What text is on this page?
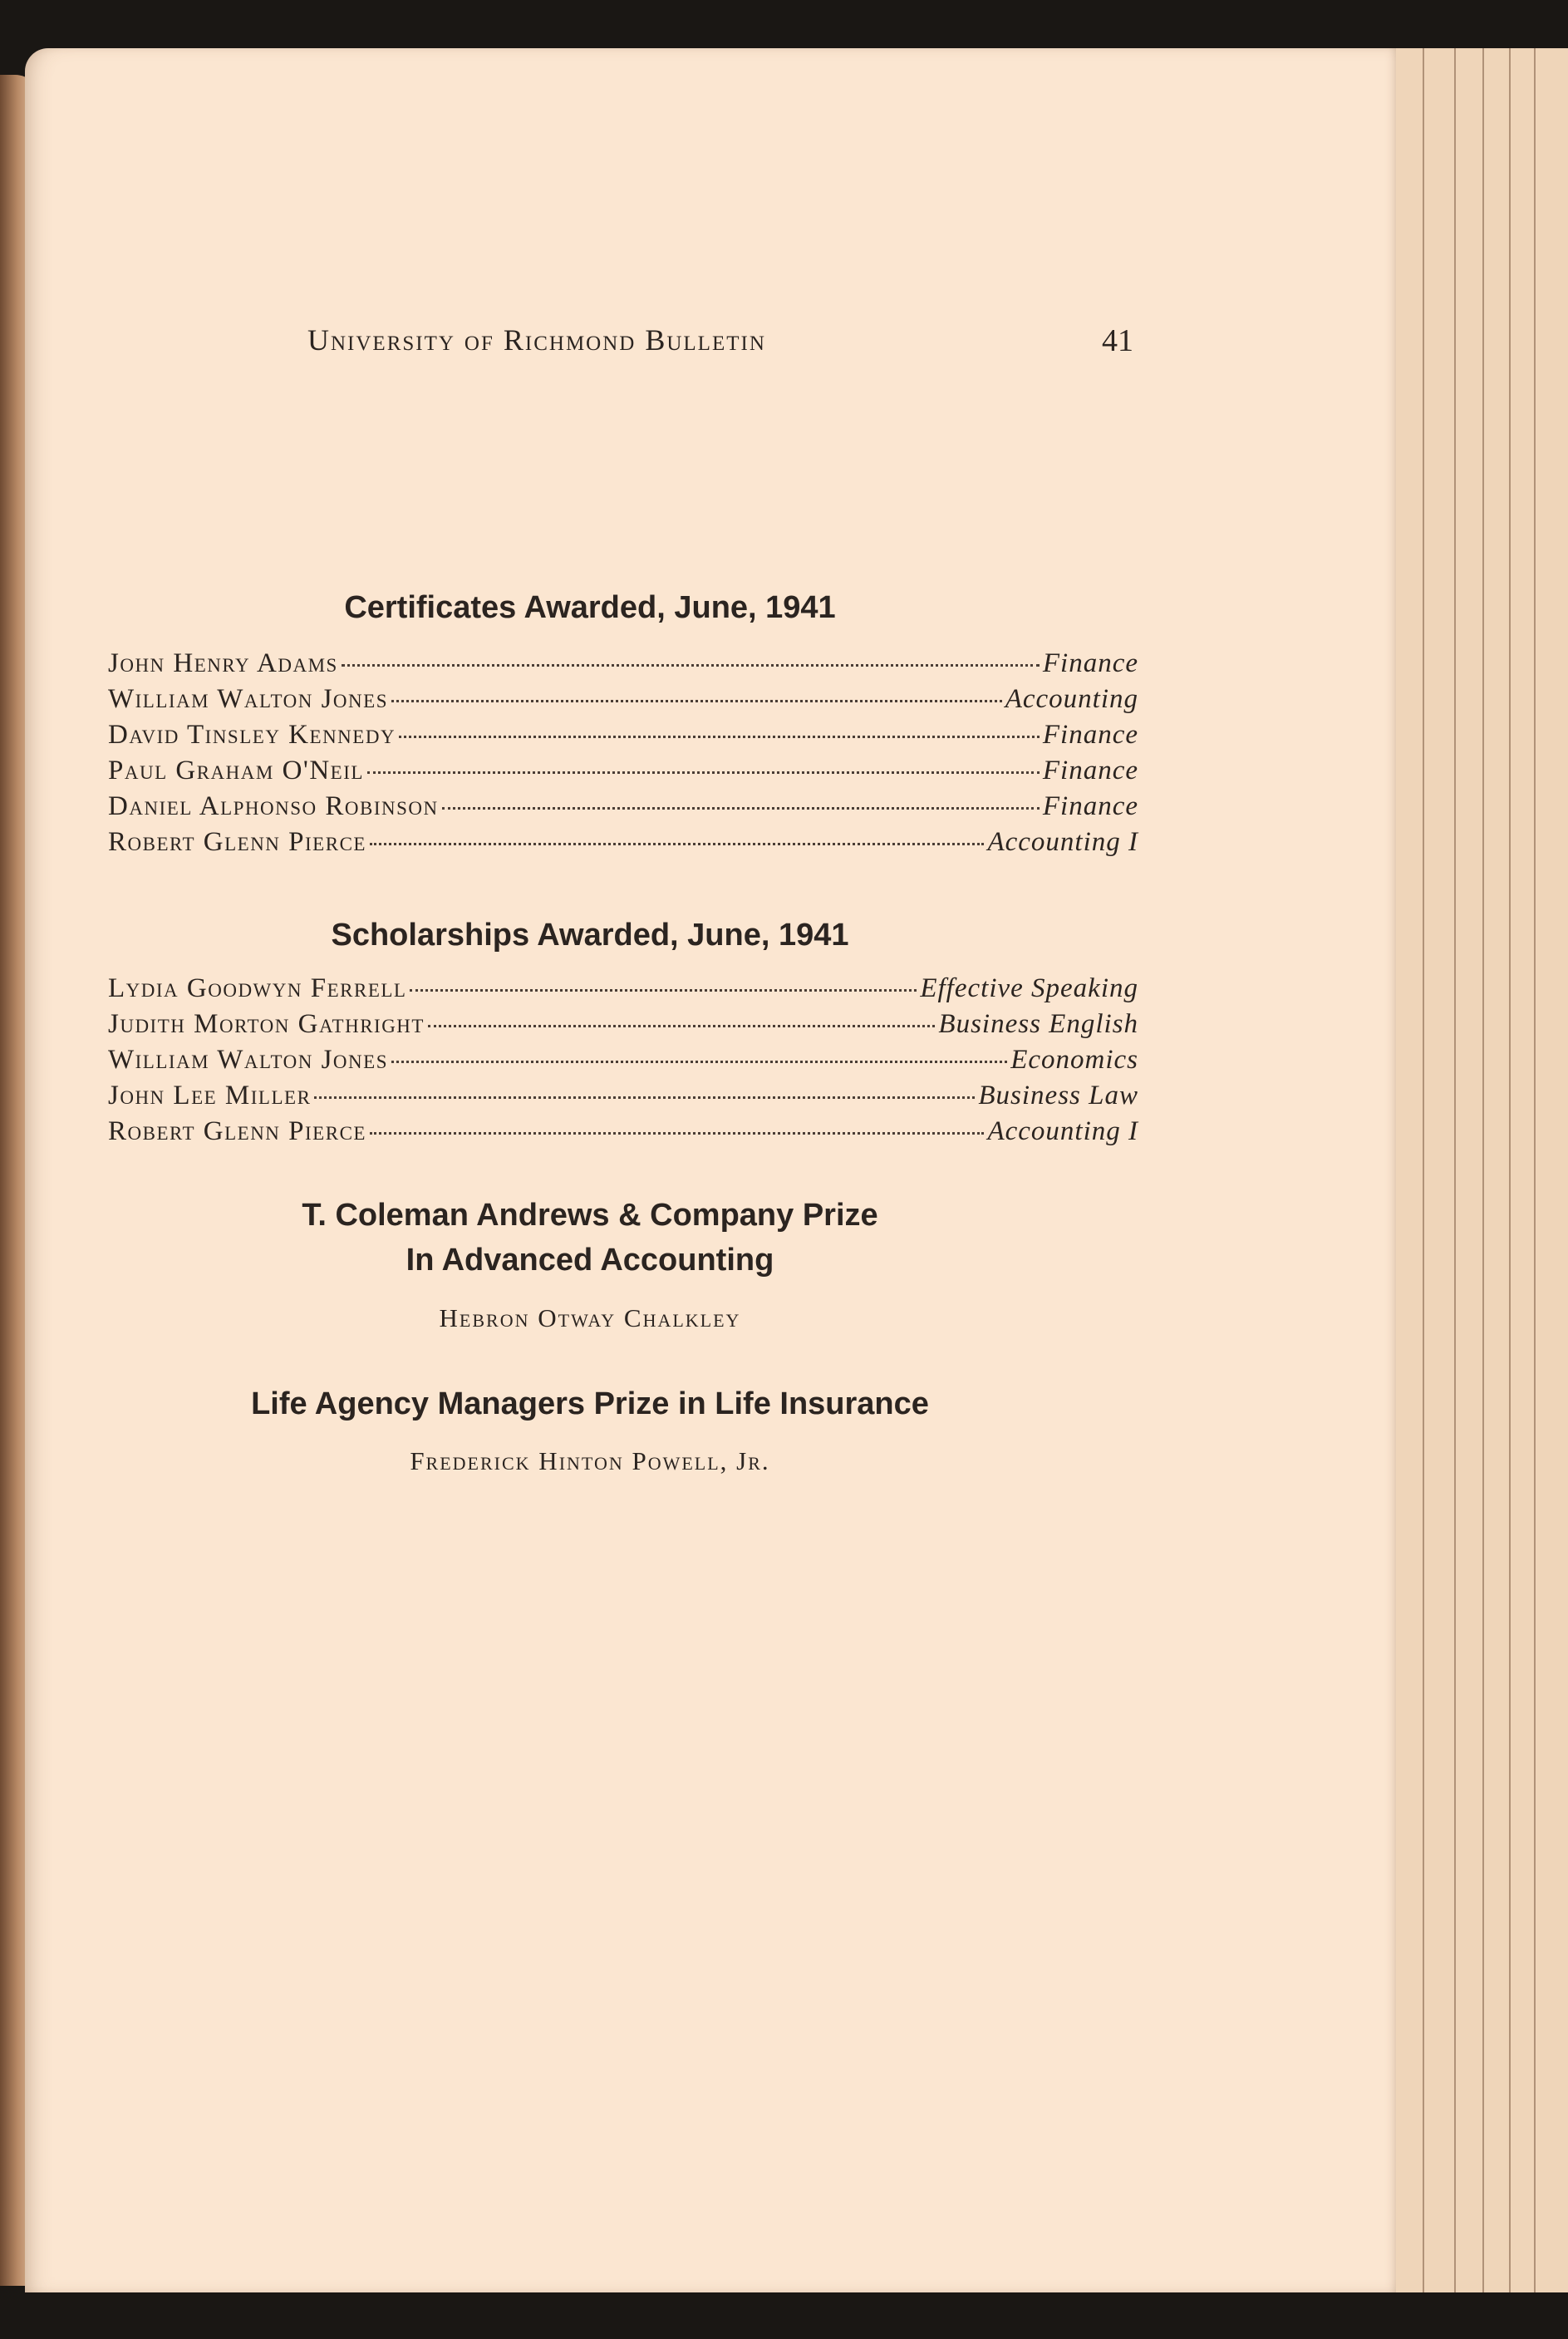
University of Richmond Bulletin	41
Certificates Awarded, June, 1941
John Henry Adams	Finance
William Walton Jones	Accounting
David Tinsley Kennedy	Finance
Paul Graham O'Neil	Finance
Daniel Alphonso Robinson	Finance
Robert Glenn Pierce	Accounting I
Scholarships Awarded, June, 1941
Lydia Goodwyn Ferrell	Effective Speaking
Judith Morton Gathright	Business English
William Walton Jones	Economics
John Lee Miller	Business Law
Robert Glenn Pierce	Accounting I
T. Coleman Andrews & Company Prize
In Advanced Accounting
Hebron Otway Chalkley
Life Agency Managers Prize in Life Insurance
Frederick Hinton Powell, Jr.
